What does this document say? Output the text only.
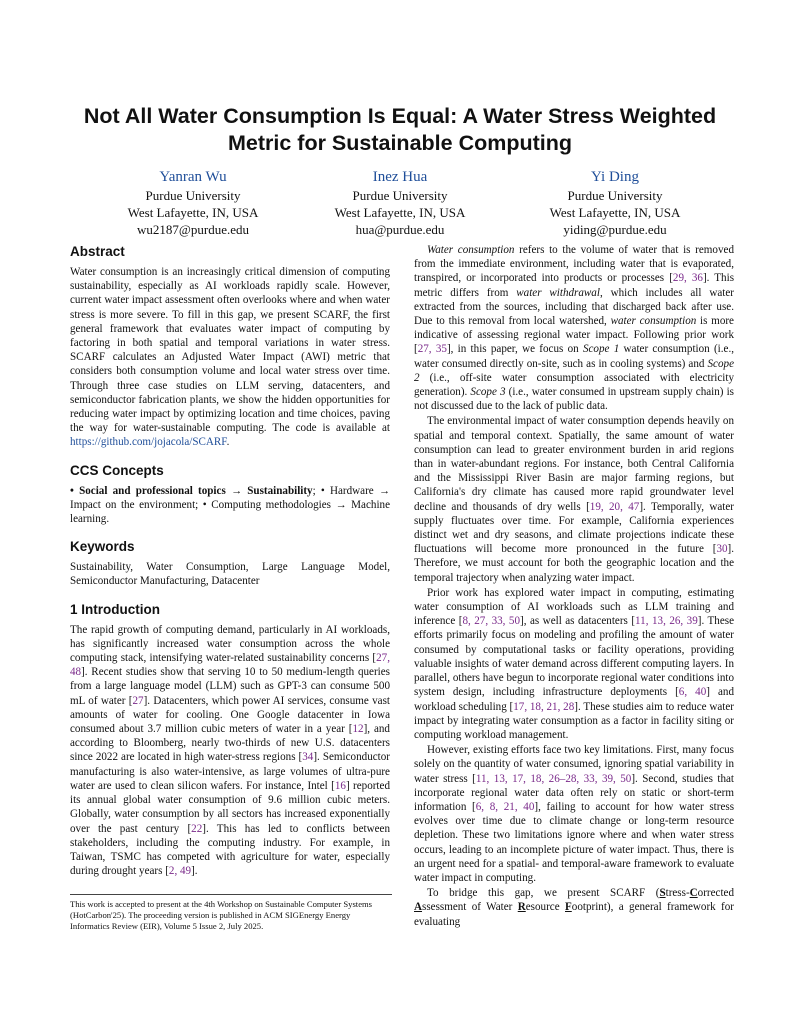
Not All Water Consumption Is Equal: A Water Stress Weighted Metric for Sustainable Computing
Yanran Wu
Purdue University
West Lafayette, IN, USA
wu2187@purdue.edu
Inez Hua
Purdue University
West Lafayette, IN, USA
hua@purdue.edu
Yi Ding
Purdue University
West Lafayette, IN, USA
yiding@purdue.edu
Abstract

Water consumption is an increasingly critical dimension of computing sustainability, especially as AI workloads rapidly scale. However, current water impact assessment often overlooks where and when water stress is more severe. To fill in this gap, we present SCARF, the first general framework that evaluates water impact of computing by factoring in both spatial and temporal variations in water stress. SCARF calculates an Adjusted Water Impact (AWI) metric that considers both consumption volume and local water stress over time. Through three case studies on LLM serving, datacenters, and semiconductor fabrication plants, we show the hidden opportunities for reducing water impact by optimizing location and time choices, paving the way for water-sustainable computing. The code is available at https://github.com/jojacola/SCARF.

CCS Concepts

• Social and professional topics → Sustainability; • Hardware → Impact on the environment; • Computing methodologies → Machine learning.

Keywords

Sustainability, Water Consumption, Large Language Model, Semiconductor Manufacturing, Datacenter

1 Introduction

The rapid growth of computing demand, particularly in AI workloads, has significantly increased water consumption across the whole computing stack, intensifying water-related sustainability concerns [27, 48]. Recent studies show that serving 10 to 50 medium-length queries from a large language model (LLM) such as GPT-3 can consume 500 mL of water [27]. Datacenters, which power AI services, consume vast amounts of water for cooling. One Google datacenter in Iowa consumed about 3.7 million cubic meters of water in a year [12], and according to Bloomberg, nearly two-thirds of new U.S. datacenters since 2022 are located in high water-stress regions [34]. Semiconductor manufacturing is also water-intensive, as large volumes of ultra-pure water are used to clean silicon wafers. For instance, Intel [16] reported its annual global water consumption of 9.6 million cubic meters. Globally, water consumption by all sectors has increased exponentially over the past century [22]. This has led to conflicts between stakeholders, including the computing industry. For example, in Taiwan, TSMC has competed with agriculture for water, especially during drought years [2, 49].

This work is accepted to present at the 4th Workshop on Sustainable Computer Systems (HotCarbon'25). The proceeding version is published in ACM SIGEnergy Energy Informatics Review (EIR), Volume 5 Issue 2, July 2025.

Water consumption refers to the volume of water that is removed from the immediate environment, including water that is evaporated, transpired, or incorporated into products or processes [29, 36]. This metric differs from water withdrawal, which includes all water extracted from the sources, including that discharged back after use. Due to this removal from local watershed, water consumption is more indicative of assessing regional water impact. Following prior work [27, 35], in this paper, we focus on Scope 1 water consumption (i.e., water consumed directly on-site, such as in cooling systems) and Scope 2 (i.e., off-site water consumption associated with electricity generation). Scope 3 (i.e., water consumed in upstream supply chain) is not discussed due to the lack of public data.

The environmental impact of water consumption depends heavily on spatial and temporal context. Spatially, the same amount of water consumption can lead to greater environment burden in arid regions than in water-abundant regions. For instance, both Central California and the Mississippi River Basin are major farming regions, but California's dry climate has caused more rapid groundwater level decline and thousands of dry wells [19, 20, 47]. Temporally, water supply fluctuates over time. For example, California experiences distinct wet and dry seasons, and climate projections indicate these fluctuations will become more pronounced in the future [30]. Therefore, we must account for both the geographic location and the temporal trajectory when analyzing water impact.

Prior work has explored water impact in computing, estimating water consumption of AI workloads such as LLM training and inference [8, 27, 33, 50], as well as datacenters [11, 13, 26, 39]. These efforts primarily focus on modeling and profiling the amount of water consumed by computational tasks or facility operations, providing valuable insights of water demand across different computing layers. In parallel, others have begun to incorporate regional water conditions into system design, including infrastructure deployments [6, 40] and workload scheduling [17, 18, 21, 28]. These studies aim to reduce water impact by integrating water consumption as a factor in facility siting or computing workload management.

However, existing efforts face two key limitations. First, many focus solely on the quantity of water consumed, ignoring spatial variability in water stress [11, 13, 17, 18, 26–28, 33, 39, 50]. Second, studies that incorporate regional water data often rely on static or short-term information [6, 8, 21, 40], failing to account for how water stress evolves over time due to climate change or long-term resource depletion. These two limitations ignore where and when water stress occurs, leading to an incomplete picture of water impact. Thus, there is an urgent need for a spatial- and temporal-aware framework to evaluate water impact in computing.

To bridge this gap, we present SCARF (Stress-Corrected Assessment of Water Resource Footprint), a general framework for evaluating
